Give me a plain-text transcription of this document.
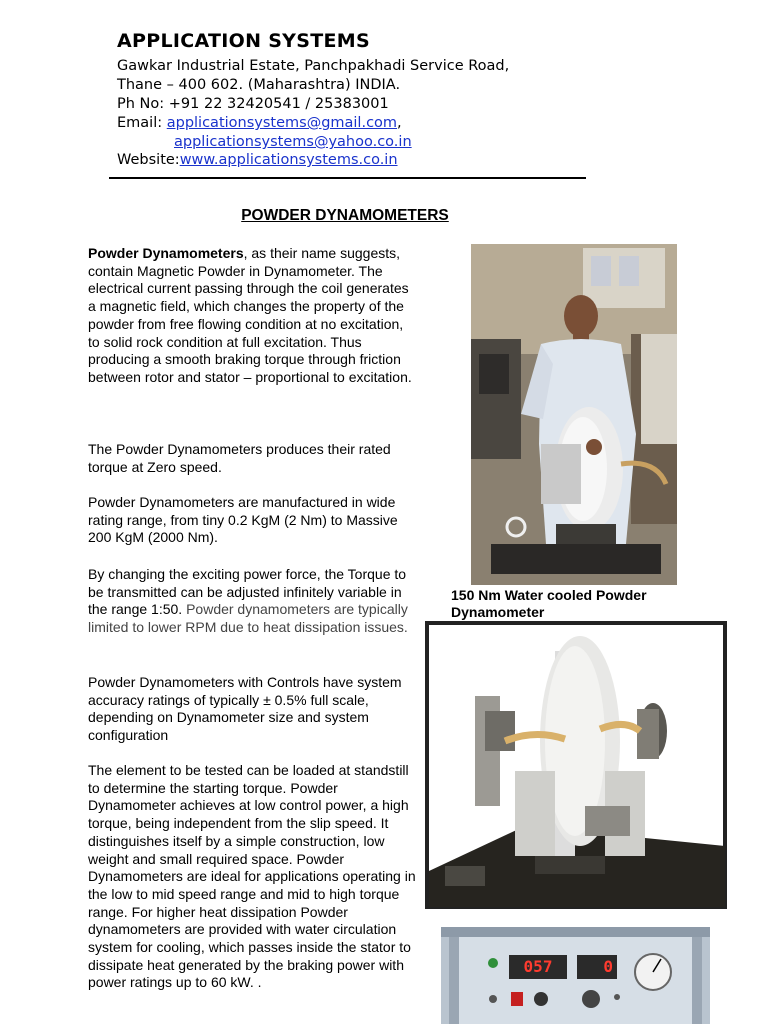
APPLICATION SYSTEMS
Gawkar Industrial Estate, Panchpakhadi Service Road,
Thane – 400 602. (Maharashtra) INDIA.
Ph No: +91 22 32420541 / 25383001
Email: applicationsystems@gmail.com,
applicationsystems@yahoo.co.in
Website:www.applicationsystems.co.in
POWDER DYNAMOMETERS

Powder Dynamometers, as their name suggests, contain Magnetic Powder in Dynamometer. The electrical current passing through the coil generates a magnetic field, which changes the property of the powder from free flowing condition at no excitation, to solid rock condition at full excitation. Thus producing a smooth braking torque through friction between rotor and stator – proportional to excitation.

The Powder Dynamometers produces their rated torque at Zero speed.

Powder Dynamometers are manufactured in wide rating range, from tiny 0.2 KgM (2 Nm) to Massive 200 KgM (2000 Nm).

By changing the exciting power force, the Torque to be transmitted can be adjusted infinitely variable in the range 1:50. Powder dynamometers are typically limited to lower RPM due to heat dissipation issues.

Powder Dynamometers with Controls have system accuracy ratings of typically ± 0.5% full scale, depending on Dynamometer size and system configuration

The element to be tested can be loaded at standstill to determine the starting torque. Powder Dynamometer achieves at low control power, a high torque, being independent from the slip speed. It distinguishes itself by a simple construction, low weight and small required space. Powder Dynamometers are ideal for applications operating in the low to mid speed range and mid to high torque range. For higher heat dissipation Powder dynamometers are provided with water circulation system for cooling, which passes inside the stator to dissipate heat generated by the braking power with power ratings up to 60 kW. .

150 Nm Water cooled Powder Dynamometer
057	0
